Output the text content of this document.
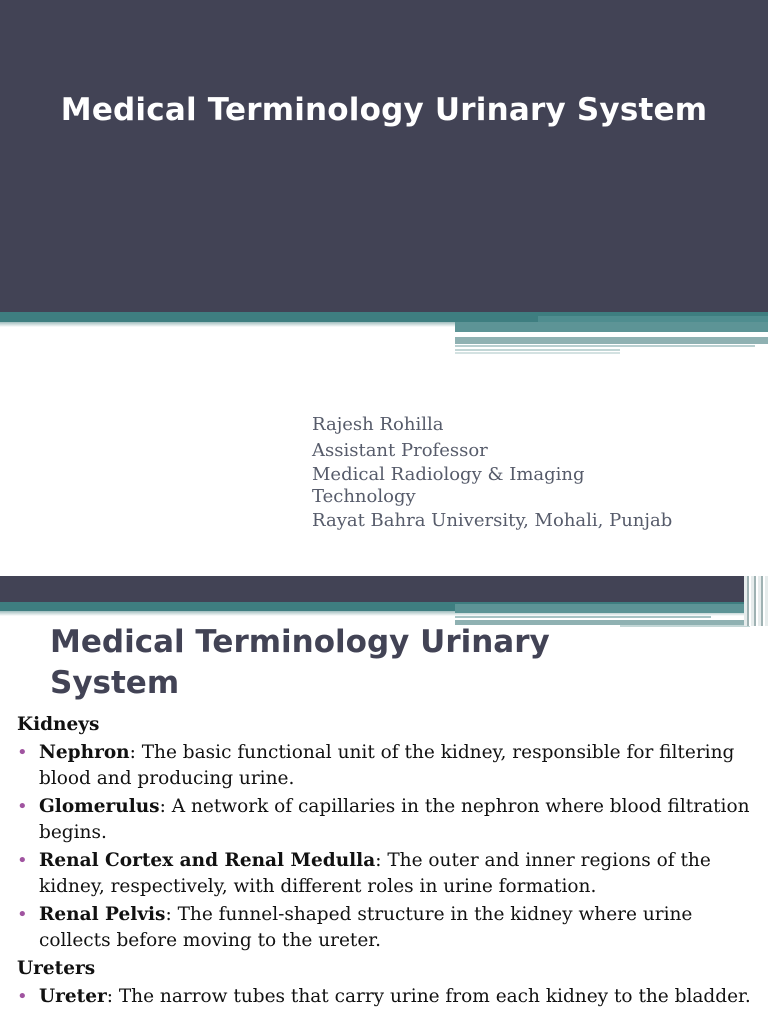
Medical Terminology Urinary System
Rajesh Rohilla
Assistant Professor
Medical Radiology & Imaging
Technology
Rayat Bahra University, Mohali, Punjab
Medical Terminology Urinary
System
Kidneys
• Nephron: The basic functional unit of the kidney, responsible for filtering blood and producing urine.
• Glomerulus: A network of capillaries in the nephron where blood filtration begins.
• Renal Cortex and Renal Medulla: The outer and inner regions of the kidney, respectively, with different roles in urine formation.
• Renal Pelvis: The funnel-shaped structure in the kidney where urine collects before moving to the ureter.
Ureters
• Ureter: The narrow tubes that carry urine from each kidney to the bladder.
